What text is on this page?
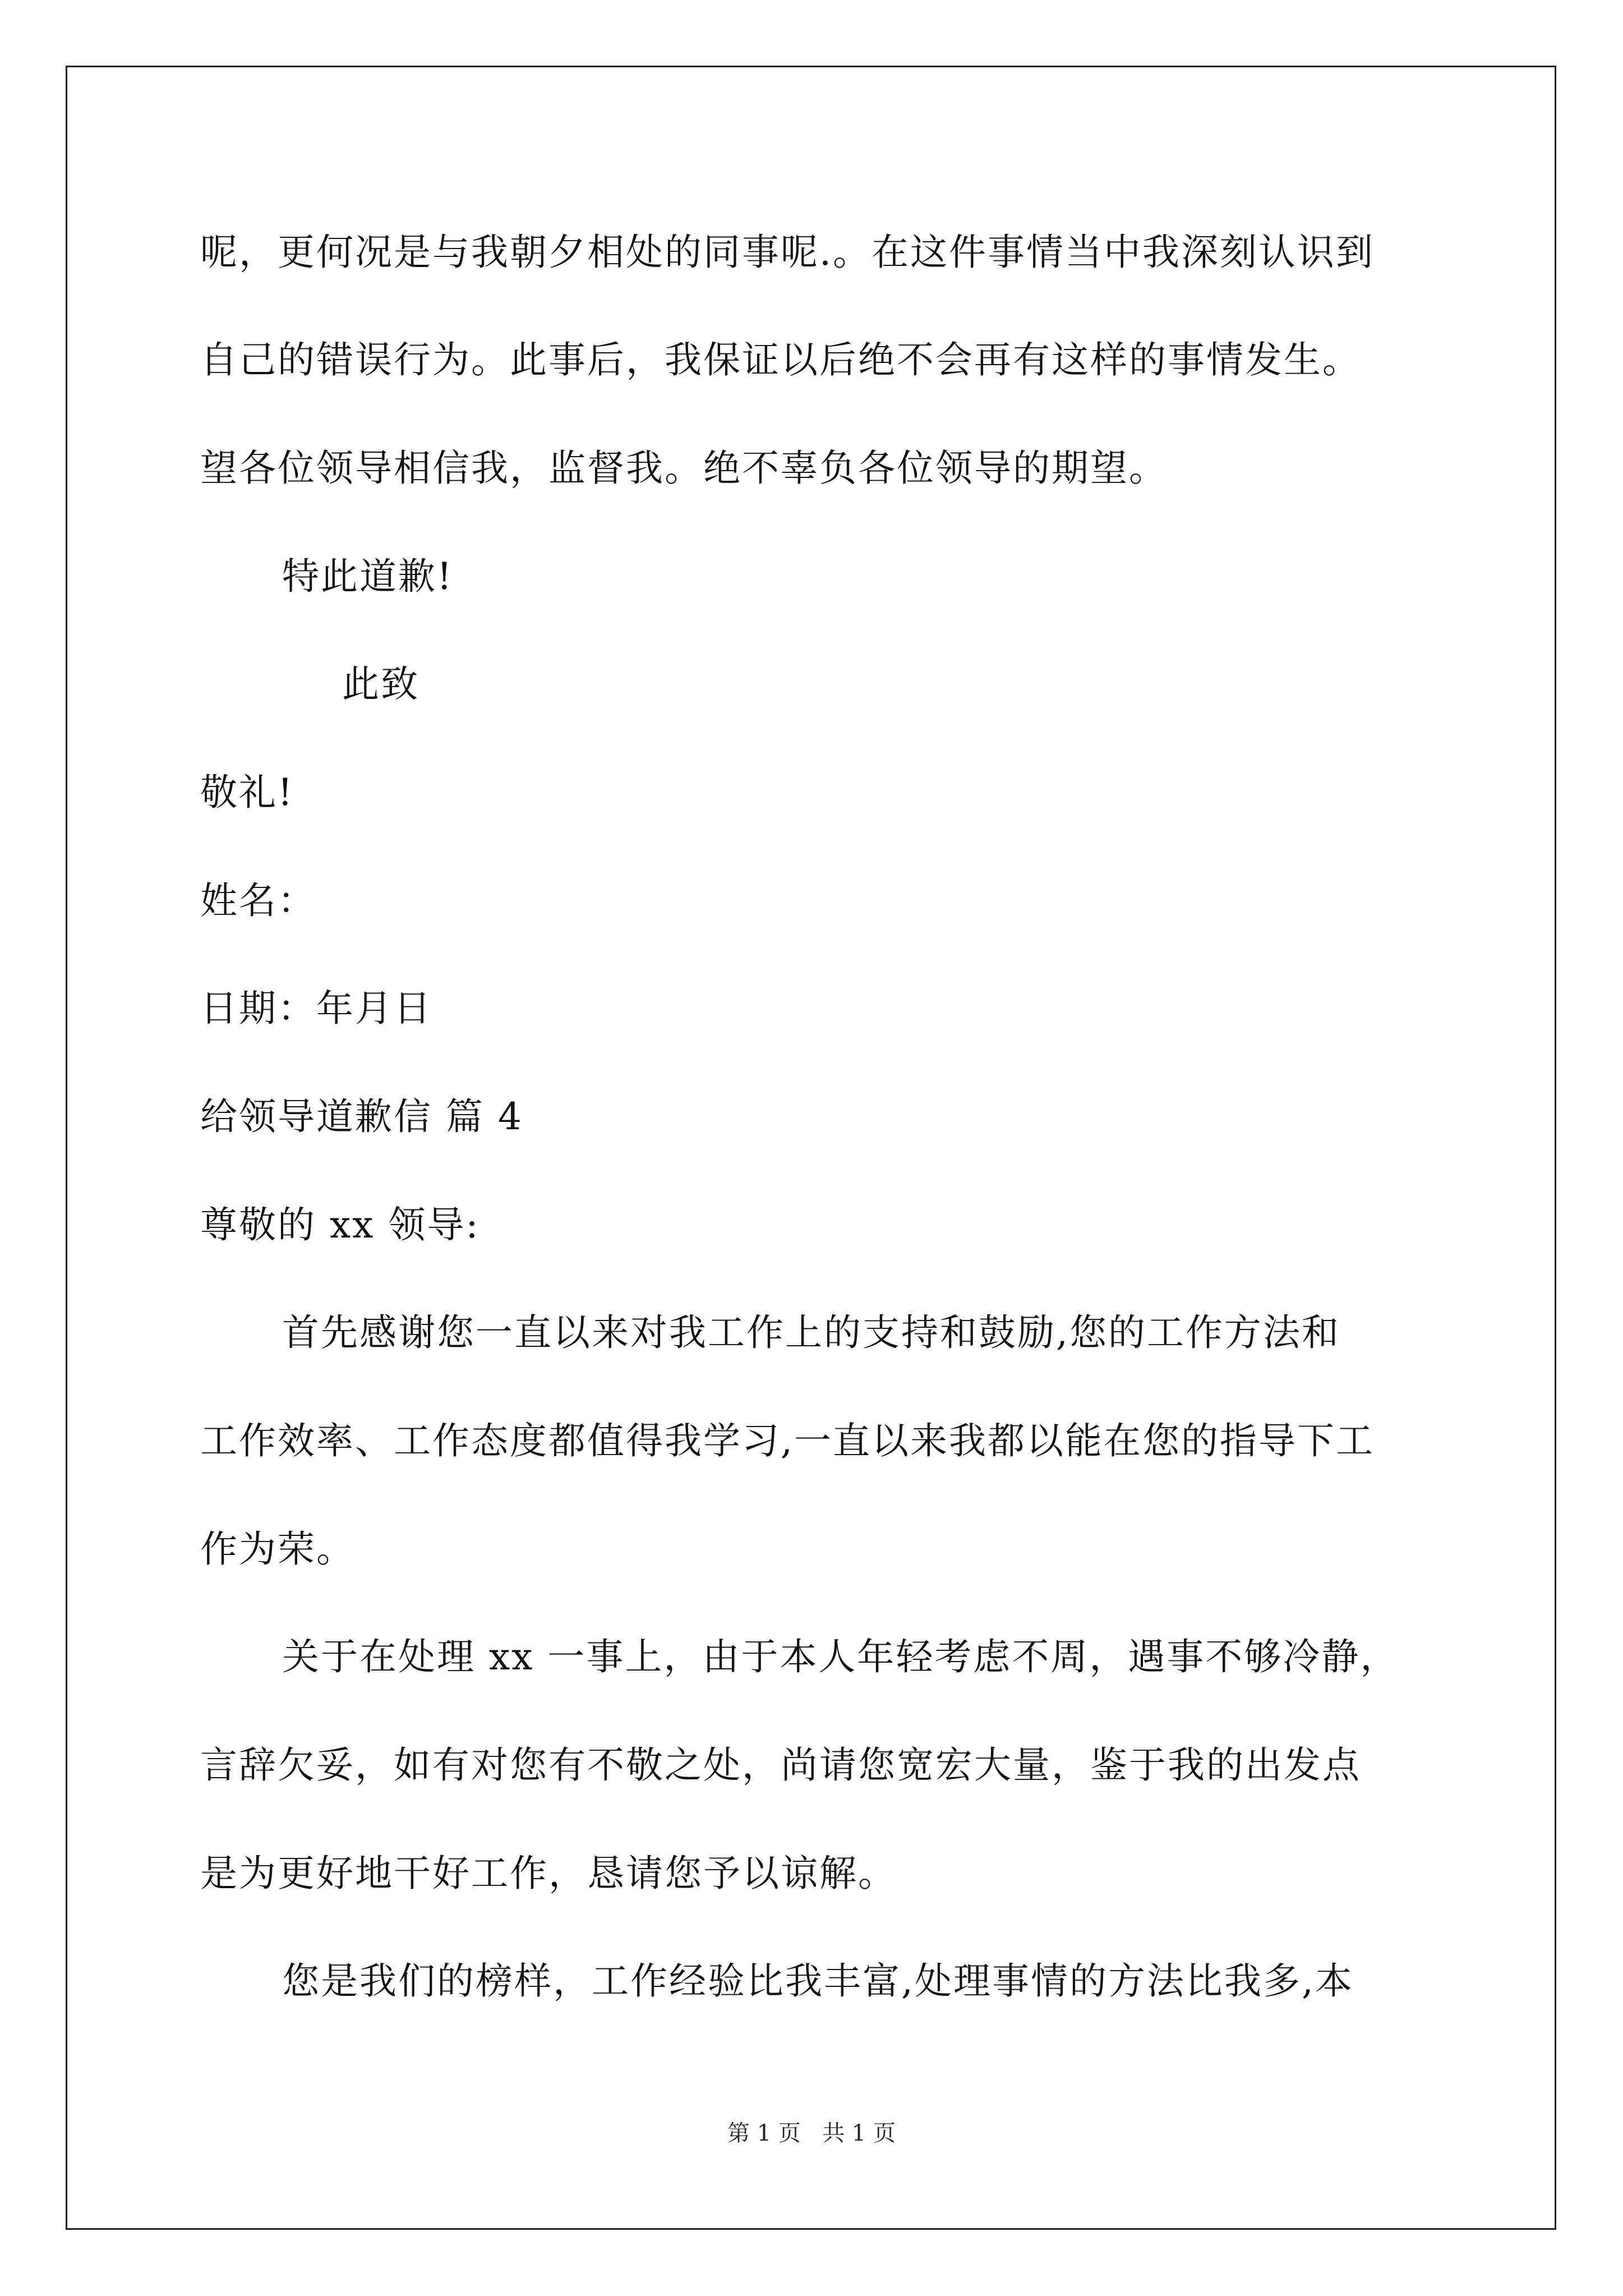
呢，更何况是与我朝夕相处的同事呢.。在这件事情当中我深刻认识到
自己的错误行为。此事后，我保证以后绝不会再有这样的事情发生。
望各位领导相信我，监督我。绝不辜负各位领导的期望。
特此道歉!
此致
敬礼!
姓名：
日期：年月日
给领导道歉信 篇 4
尊敬的 xx 领导:
首先感谢您一直以来对我工作上的支持和鼓励,您的工作方法和
工作效率、工作态度都值得我学习,一直以来我都以能在您的指导下工
作为荣。
关于在处理 xx 一事上，由于本人年轻考虑不周，遇事不够冷静，
言辞欠妥，如有对您有不敬之处，尚请您宽宏大量，鉴于我的出发点
是为更好地干好工作，恳请您予以谅解。
您是我们的榜样，工作经验比我丰富,处理事情的方法比我多,本
第 1 页   共 1 页
